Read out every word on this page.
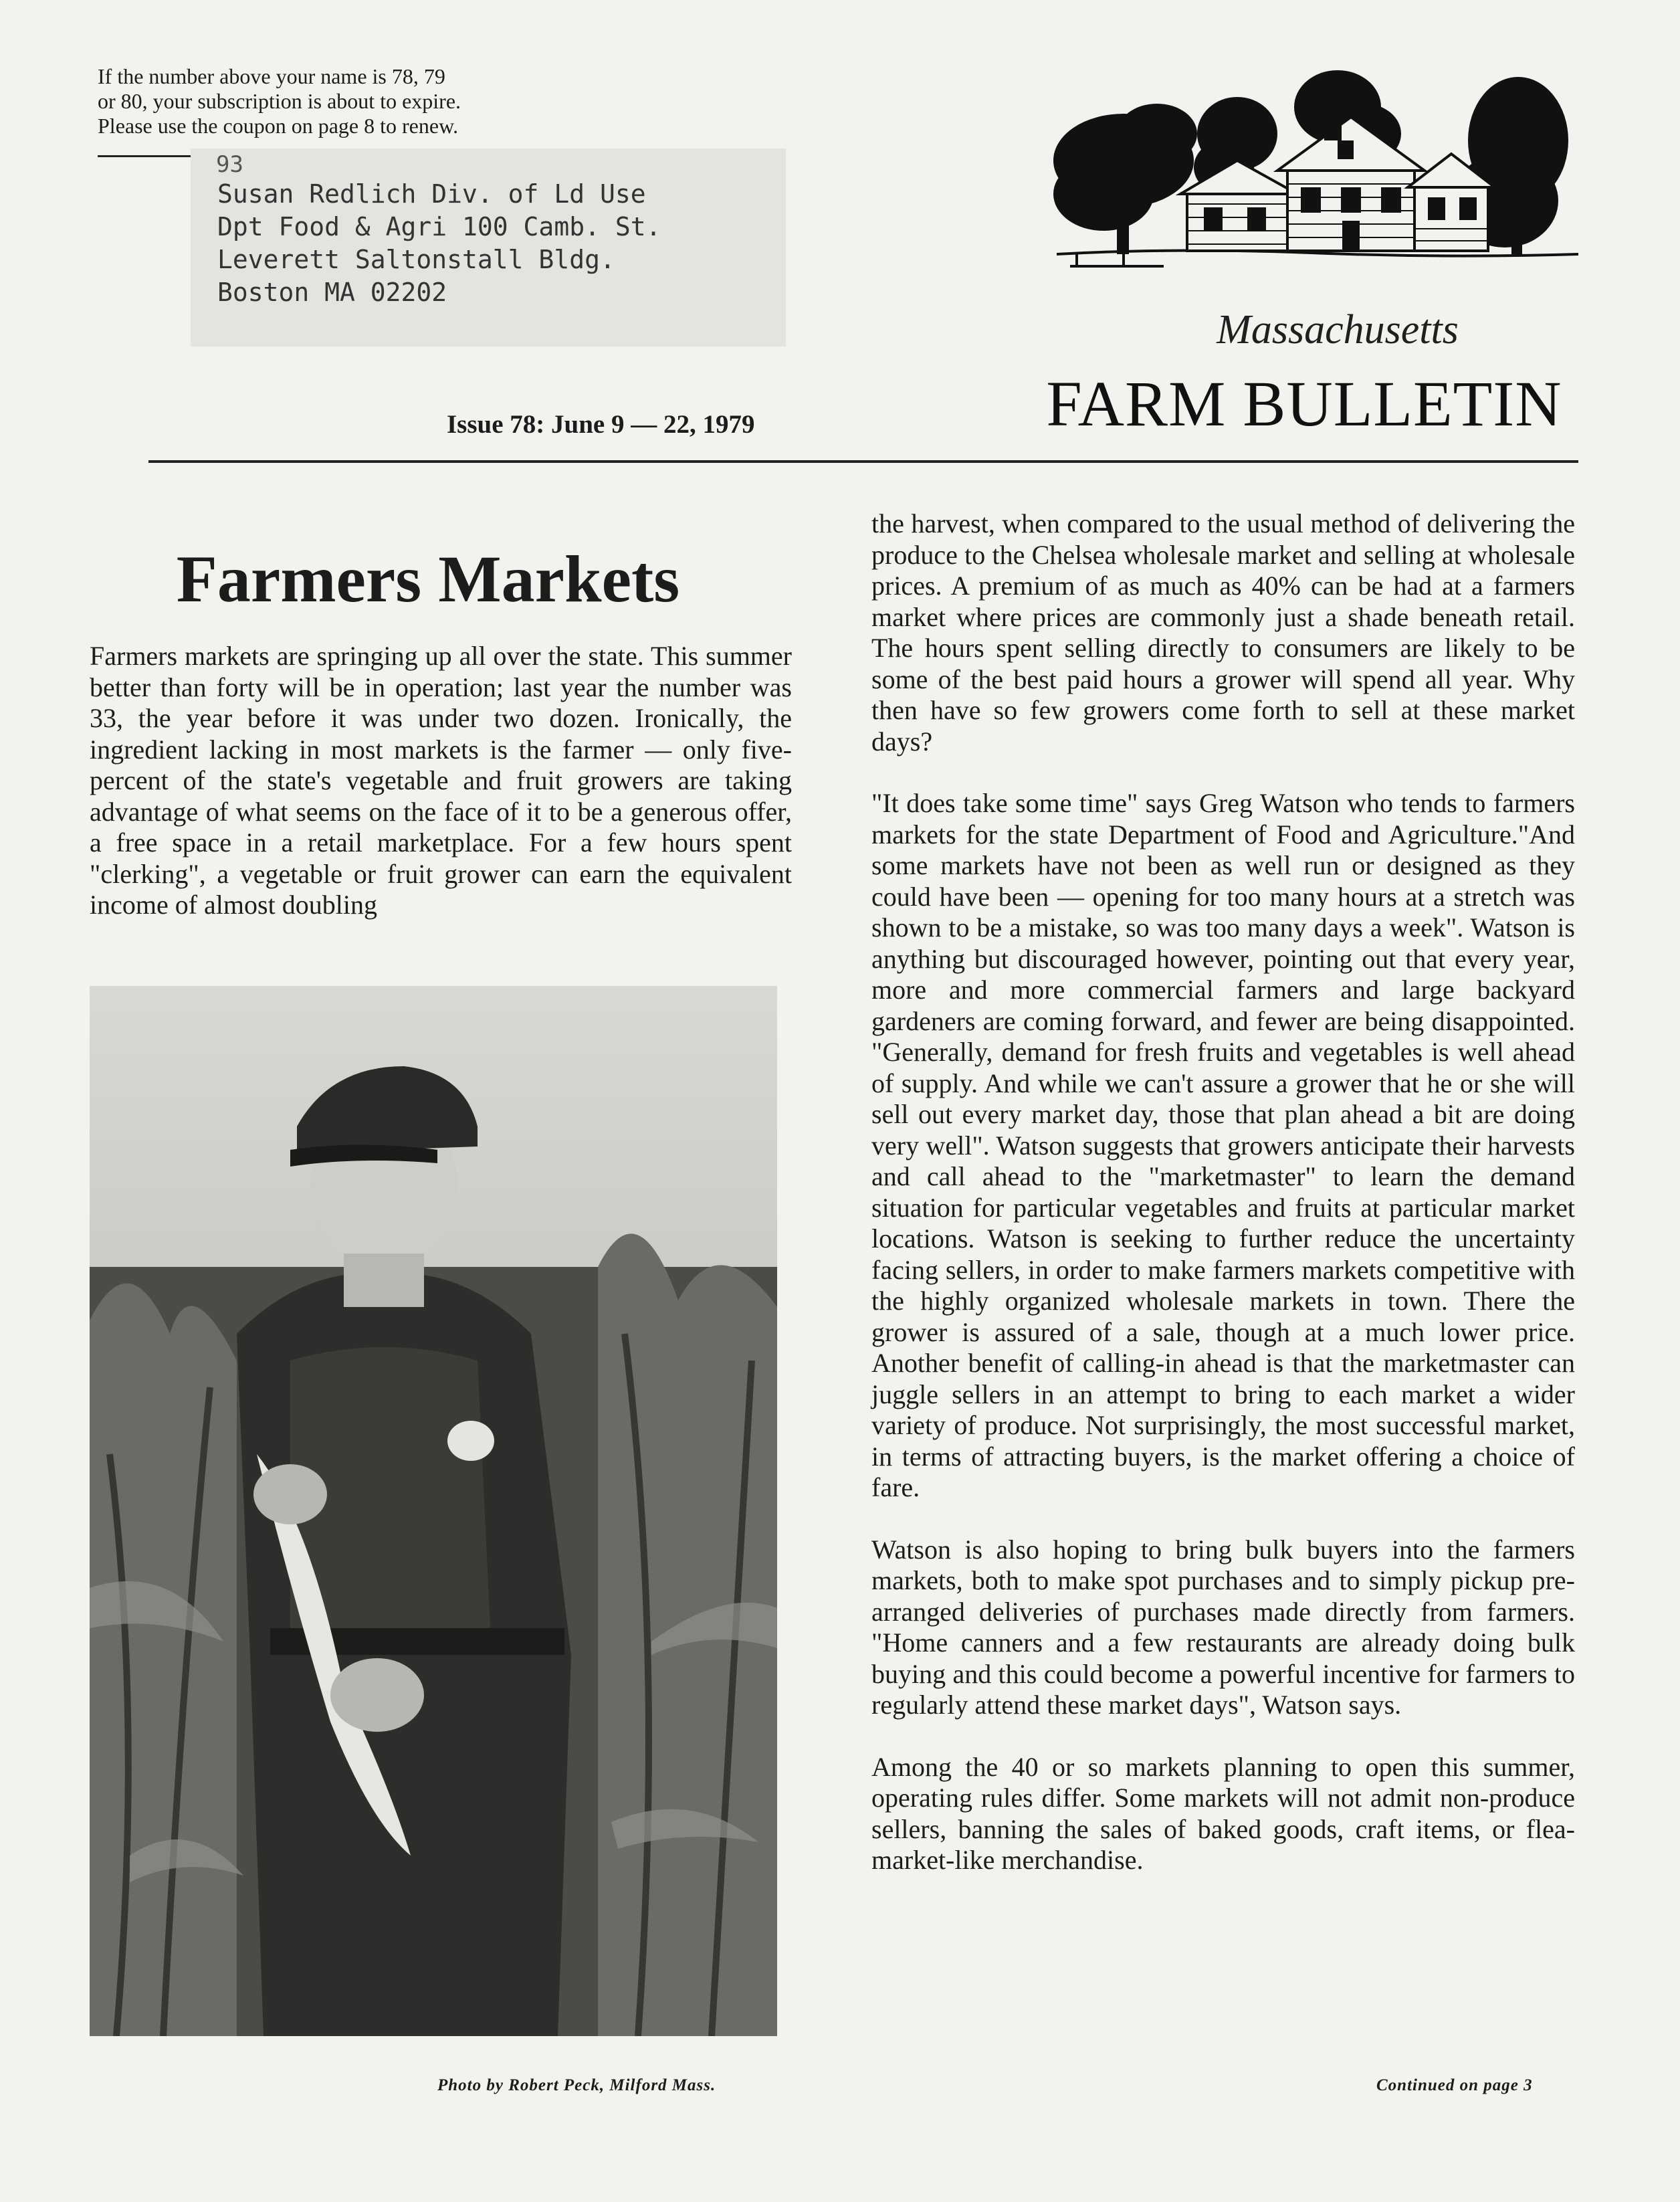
If the number above your name is 78, 79
or 80, your subscription is about to expire.
Please use the coupon on page 8 to renew.
93
Susan Redlich Div. of Ld Use
Dpt Food & Agri 100 Camb. St.
Leverett Saltonstall Bldg.
Boston MA 02202
Massachusetts
FARM BULLETIN
Issue 78: June 9 — 22, 1979
Farmers Markets

Farmers markets are springing up all over the state. This summer better than forty will be in operation; last year the number was 33, the year before it was under two dozen. Ironically, the ingredient lacking in most markets is the farmer — only five-percent of the state's vegetable and fruit growers are taking advantage of what seems on the face of it to be a generous offer, a free space in a retail marketplace. For a few hours spent "clerking", a vegetable or fruit grower can earn the equivalent income of almost doubling

the harvest, when compared to the usual method of delivering the produce to the Chelsea wholesale market and selling at wholesale prices. A premium of as much as 40% can be had at a farmers market where prices are commonly just a shade beneath retail. The hours spent selling directly to consumers are likely to be some of the best paid hours a grower will spend all year. Why then have so few growers come forth to sell at these market days?

"It does take some time" says Greg Watson who tends to farmers markets for the state Department of Food and Agriculture."And some markets have not been as well run or designed as they could have been — opening for too many hours at a stretch was shown to be a mistake, so was too many days a week". Watson is anything but discouraged however, pointing out that every year, more and more commercial farmers and large backyard gardeners are coming forward, and fewer are being disappointed. "Generally, demand for fresh fruits and vegetables is well ahead of supply. And while we can't assure a grower that he or she will sell out every market day, those that plan ahead a bit are doing very well". Watson suggests that growers anticipate their harvests and call ahead to the "marketmaster" to learn the demand situation for particular vegetables and fruits at particular market locations. Watson is seeking to further reduce the uncertainty facing sellers, in order to make farmers markets competitive with the highly organized wholesale markets in town. There the grower is assured of a sale, though at a much lower price. Another benefit of calling-in ahead is that the marketmaster can juggle sellers in an attempt to bring to each market a wider variety of produce. Not surprisingly, the most successful market, in terms of attracting buyers, is the market offering a choice of fare.

Watson is also hoping to bring bulk buyers into the farmers markets, both to make spot purchases and to simply pickup pre-arranged deliveries of purchases made directly from farmers. "Home canners and a few restaurants are already doing bulk buying and this could become a powerful incentive for farmers to regularly attend these market days", Watson says.

Among the 40 or so markets planning to open this summer, operating rules differ. Some markets will not admit non-produce sellers, banning the sales of baked goods, craft items, or flea-market-like merchandise.

Photo by Robert Peck, Milford Mass.	Continued on page 3
